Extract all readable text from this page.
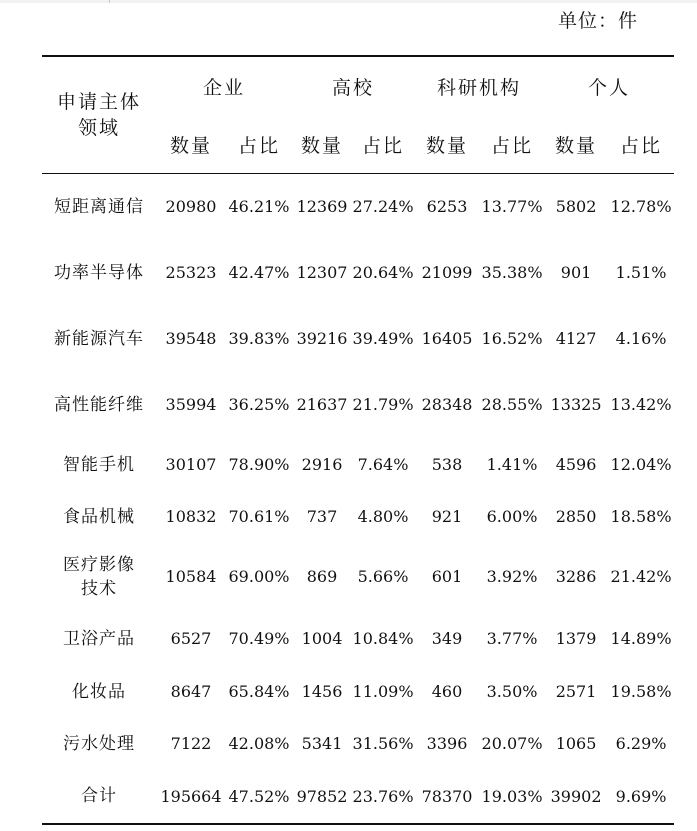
单位：件
申请主体
领域	企业		高校		科研机构		个人	
	数量	占比	数量	占比	数量	占比	数量	占比

短距离通信	20980	46.21%	12369	27.24%	6253	13.77%	5802	12.78%

功率半导体	25323	42.47%	12307	20.64%	21099	35.38%	901	1.51%

新能源汽车	39548	39.83%	39216	39.49%	16405	16.52%	4127	4.16%

高性能纤维	35994	36.25%	21637	21.79%	28348	28.55%	13325	13.42%

智能手机	30107	78.90%	2916	7.64%	538	1.41%	4596	12.04%

食品机械	10832	70.61%	737	4.80%	921	6.00%	2850	18.58%

医疗影像
技术	10584	69.00%	869	5.66%	601	3.92%	3286	21.42%

卫浴产品	6527	70.49%	1004	10.84%	349	3.77%	1379	14.89%

化妆品	8647	65.84%	1456	11.09%	460	3.50%	2571	19.58%

污水处理	7122	42.08%	5341	31.56%	3396	20.07%	1065	6.29%

合计	195664	47.52%	97852	23.76%	78370	19.03%	39902	9.69%
